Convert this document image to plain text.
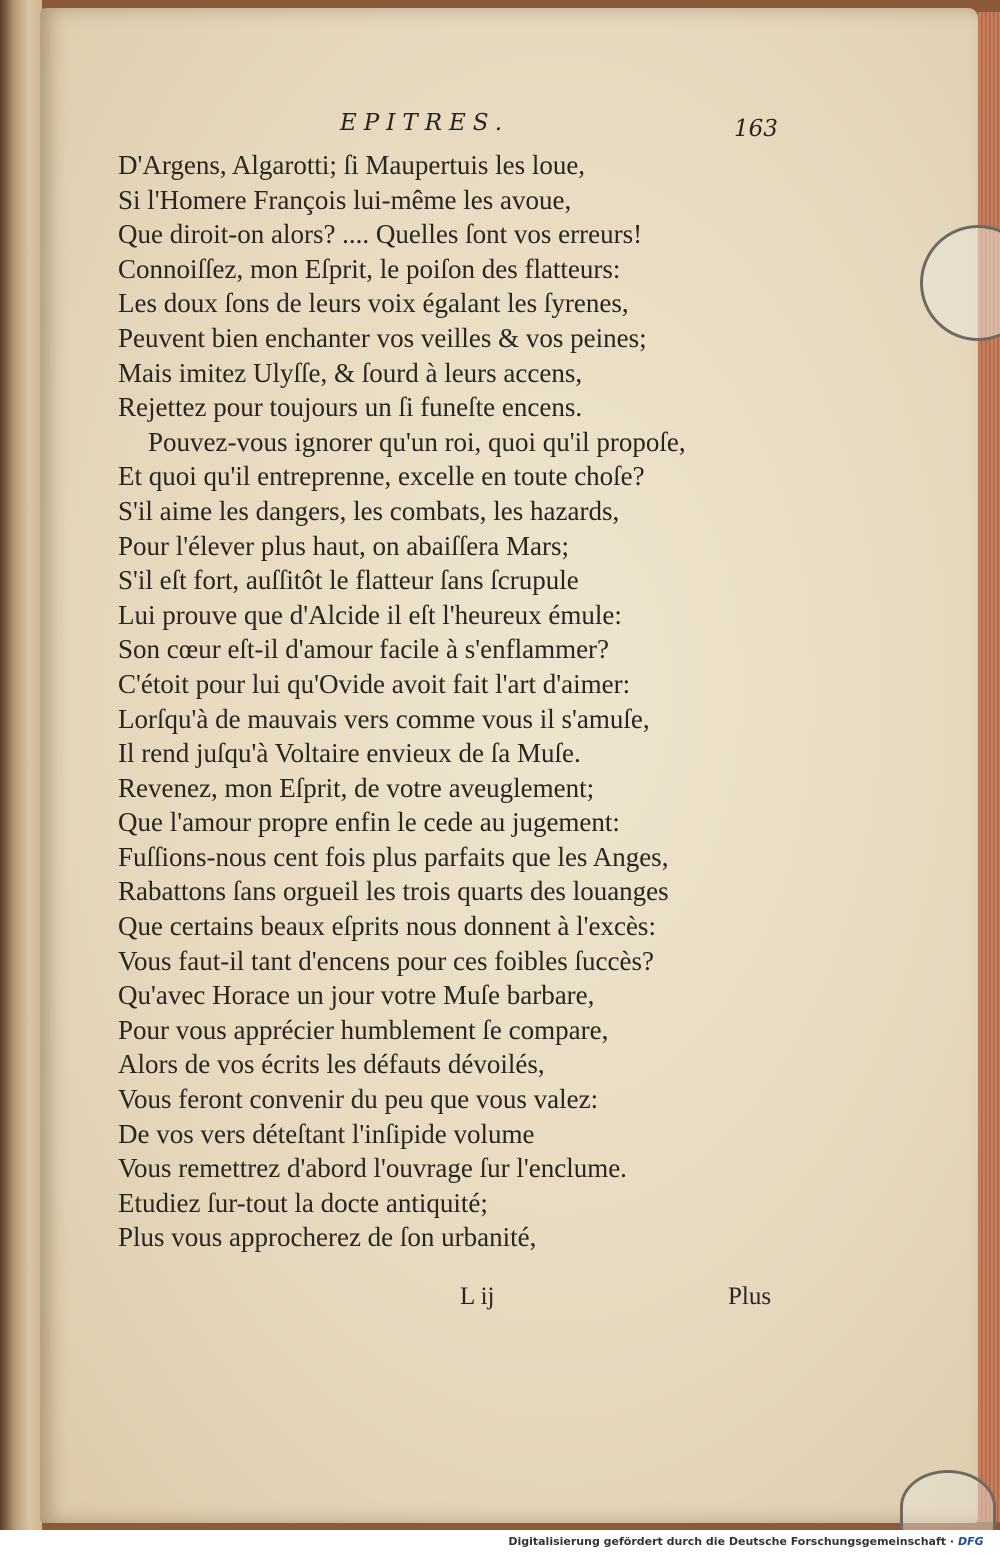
EPITRES.	163
D'Argens, Algarotti; ſi Maupertuis les loue,
Si l'Homere François lui-même les avoue,
Que diroit-on alors? .... Quelles ſont vos erreurs!
Connoiſſez, mon Eſprit, le poiſon des flatteurs:
Les doux ſons de leurs voix égalant les ſyrenes,
Peuvent bien enchanter vos veilles & vos peines;
Mais imitez Ulyſſe, & ſourd à leurs accens,
Rejettez pour toujours un ſi funeſte encens.
Pouvez-vous ignorer qu'un roi, quoi qu'il propoſe,
Et quoi qu'il entreprenne, excelle en toute choſe?
S'il aime les dangers, les combats, les hazards,
Pour l'élever plus haut, on abaiſſera Mars;
S'il eſt fort, auſſitôt le flatteur ſans ſcrupule
Lui prouve que d'Alcide il eſt l'heureux émule:
Son cœur eſt-il d'amour facile à s'enflammer?
C'étoit pour lui qu'Ovide avoit fait l'art d'aimer:
Lorſqu'à de mauvais vers comme vous il s'amuſe,
Il rend juſqu'à Voltaire envieux de ſa Muſe.
Revenez, mon Eſprit, de votre aveuglement;
Que l'amour propre enfin le cede au jugement:
Fuſſions-nous cent fois plus parfaits que les Anges,
Rabattons ſans orgueil les trois quarts des louanges
Que certains beaux eſprits nous donnent à l'excès:
Vous faut-il tant d'encens pour ces foibles ſuccès?
Qu'avec Horace un jour votre Muſe barbare,
Pour vous apprécier humblement ſe compare,
Alors de vos écrits les défauts dévoilés,
Vous feront convenir du peu que vous valez:
De vos vers déteſtant l'inſipide volume
Vous remettrez d'abord l'ouvrage ſur l'enclume.
Etudiez ſur-tout la docte antiquité;
Plus vous approcherez de ſon urbanité,
L ij	Plus
Digitalisierung gefördert durch die Deutsche Forschungsgemeinschaft · DFG
